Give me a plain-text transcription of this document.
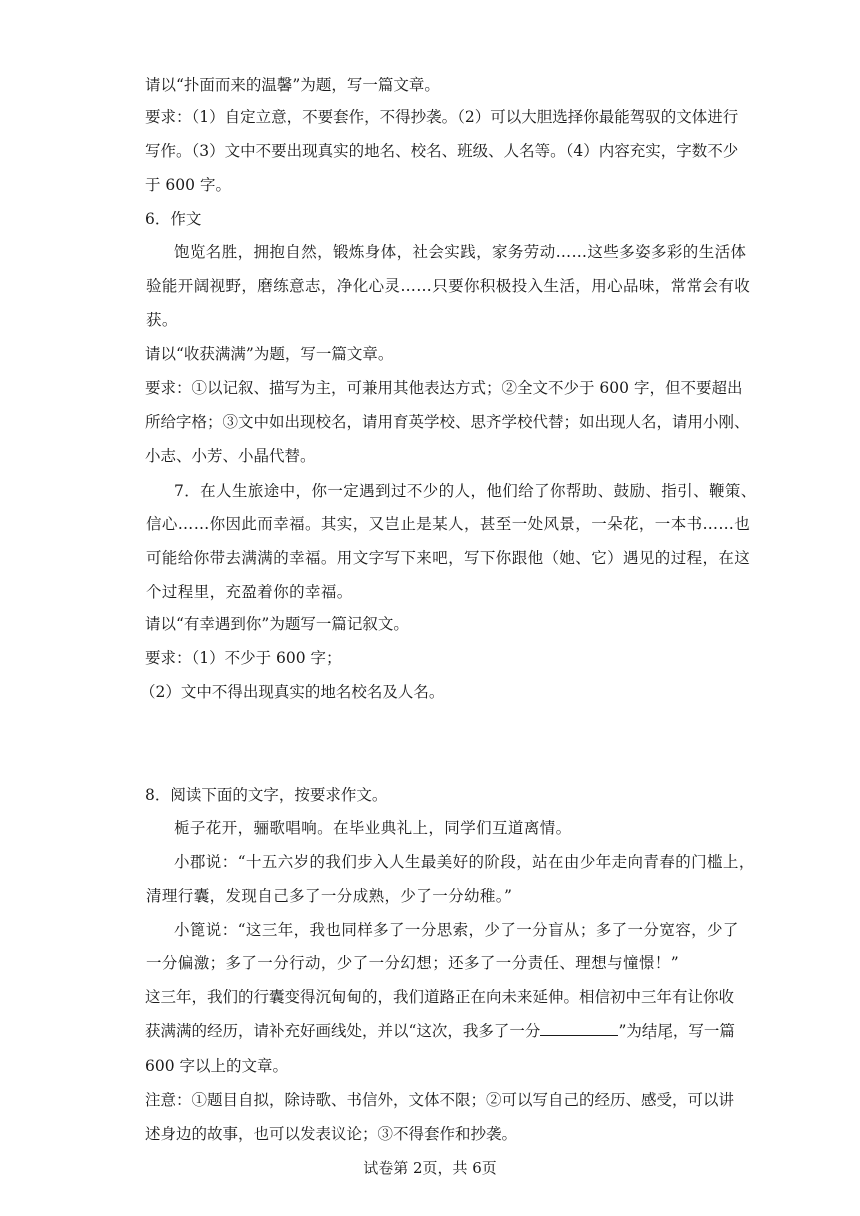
请以“扑面而来的温馨”为题，写一篇文章。
要求：（1）自定立意，不要套作，不得抄袭。（2）可以大胆选择你最能驾驭的文体进行
写作。（3）文中不要出现真实的地名、校名、班级、人名等。（4）内容充实，字数不少
于 600 字。
6．作文
饱览名胜，拥抱自然，锻炼身体，社会实践，家务劳动……这些多姿多彩的生活体
验能开阔视野，磨练意志，净化心灵……只要你积极投入生活，用心品味，常常会有收
获。
请以“收获满满”为题，写一篇文章。
要求：①以记叙、描写为主，可兼用其他表达方式；②全文不少于 600 字，但不要超出
所给字格；③文中如出现校名，请用育英学校、思齐学校代替；如出现人名，请用小刚、
小志、小芳、小晶代替。
7．在人生旅途中，你一定遇到过不少的人，他们给了你帮助、鼓励、指引、鞭策、
信心……你因此而幸福。其实，又岂止是某人，甚至一处风景，一朵花，一本书……也
可能给你带去满满的幸福。用文字写下来吧，写下你跟他（她、它）遇见的过程，在这
个过程里，充盈着你的幸福。
请以“有幸遇到你”为题写一篇记叙文。
要求：（1）不少于 600 字；
（2）文中不得出现真实的地名校名及人名。
8．阅读下面的文字，按要求作文。
栀子花开，骊歌唱响。在毕业典礼上，同学们互道离情。
小郡说：“十五六岁的我们步入人生最美好的阶段，站在由少年走向青春的门槛上，
清理行囊，发现自己多了一分成熟，少了一分幼稚。”
小篦说：“这三年，我也同样多了一分思索，少了一分盲从；多了一分宽容，少了
一分偏激；多了一分行动，少了一分幻想；还多了一分责任、理想与憧憬！”
这三年，我们的行囊变得沉甸甸的，我们道路正在向未来延伸。相信初中三年有让你收
获满满的经历，请补充好画线处，并以“这次，我多了一分	”为结尾，写一篇
600 字以上的文章。
注意：①题目自拟，除诗歌、书信外，文体不限；②可以写自己的经历、感受，可以讲
述身边的故事，也可以发表议论；③不得套作和抄袭。
试卷第 2页，共 6页
